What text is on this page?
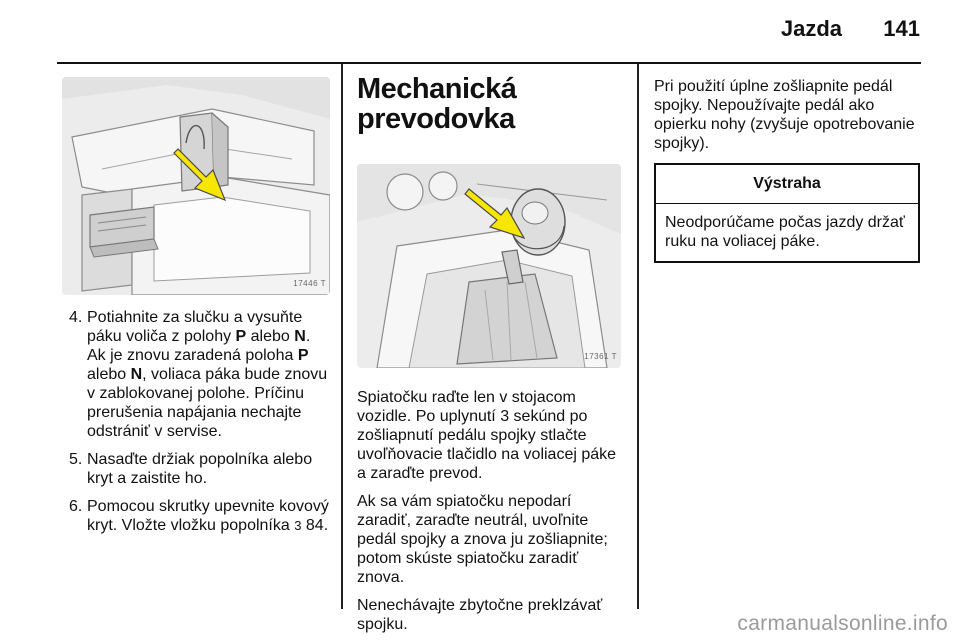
Jazda 141
17446 T
4. Potiahnite za slučku a vysuňte páku voliča z polohy P alebo N. Ak je znovu zaradená poloha P alebo N, voliaca páka bude znovu v zablokovanej polohe. Príčinu prerušenia napájania nechajte odstrániť v servise.
5. Nasaďte držiak popolníka alebo kryt a zaistite ho.
6. Pomocou skrutky upevnite kovový kryt. Vložte vložku popolníka 3 84.
Mechanická
prevodovka
17361 T

Spiatočku raďte len v stojacom vozidle. Po uplynutí 3 sekúnd po zošliapnutí pedálu spojky stlačte uvoľňovacie tlačidlo na voliacej páke a zaraďte prevod.

Ak sa vám spiatočku nepodarí zaradiť, zaraďte neutrál, uvoľnite pedál spojky a znova ju zošliapnite; potom skúste spiatočku zaradiť znova.

Nenechávajte zbytočne preklzávať spojku.

Pri použití úplne zošliapnite pedál spojky. Nepoužívajte pedál ako opierku nohy (zvyšuje opotrebovanie spojky).

Výstraha
Neodporúčame počas jazdy držať ruku na voliacej páke.
carmanualsonline.info
